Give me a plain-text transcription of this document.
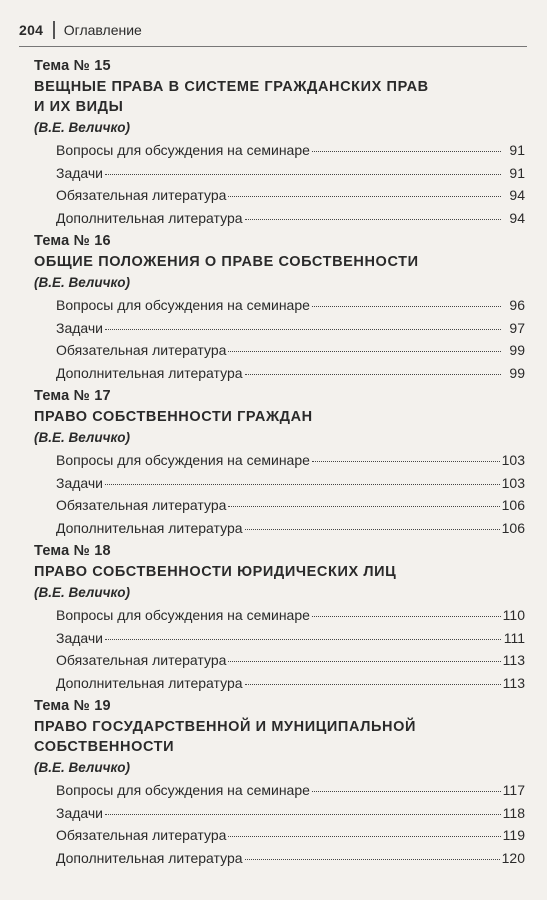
204 Оглавление
Тема № 15
ВЕЩНЫЕ ПРАВА В СИСТЕМЕ ГРАЖДАНСКИХ ПРАВ
И ИХ ВИДЫ
(В.Е. Величко)
Вопросы для обсуждения на семинаре	91
Задачи	91
Обязательная литература	94
Дополнительная литература	94
Тема № 16
ОБЩИЕ ПОЛОЖЕНИЯ О ПРАВЕ СОБСТВЕННОСТИ
(В.Е. Величко)
Вопросы для обсуждения на семинаре	96
Задачи	97
Обязательная литература	99
Дополнительная литература	99
Тема № 17
ПРАВО СОБСТВЕННОСТИ ГРАЖДАН
(В.Е. Величко)
Вопросы для обсуждения на семинаре	103
Задачи	103
Обязательная литература	106
Дополнительная литература	106
Тема № 18
ПРАВО СОБСТВЕННОСТИ ЮРИДИЧЕСКИХ ЛИЦ
(В.Е. Величко)
Вопросы для обсуждения на семинаре	110
Задачи	111
Обязательная литература	113
Дополнительная литература	113
Тема № 19
ПРАВО ГОСУДАРСТВЕННОЙ И МУНИЦИПАЛЬНОЙ
СОБСТВЕННОСТИ
(В.Е. Величко)
Вопросы для обсуждения на семинаре	117
Задачи	118
Обязательная литература	119
Дополнительная литература	120
